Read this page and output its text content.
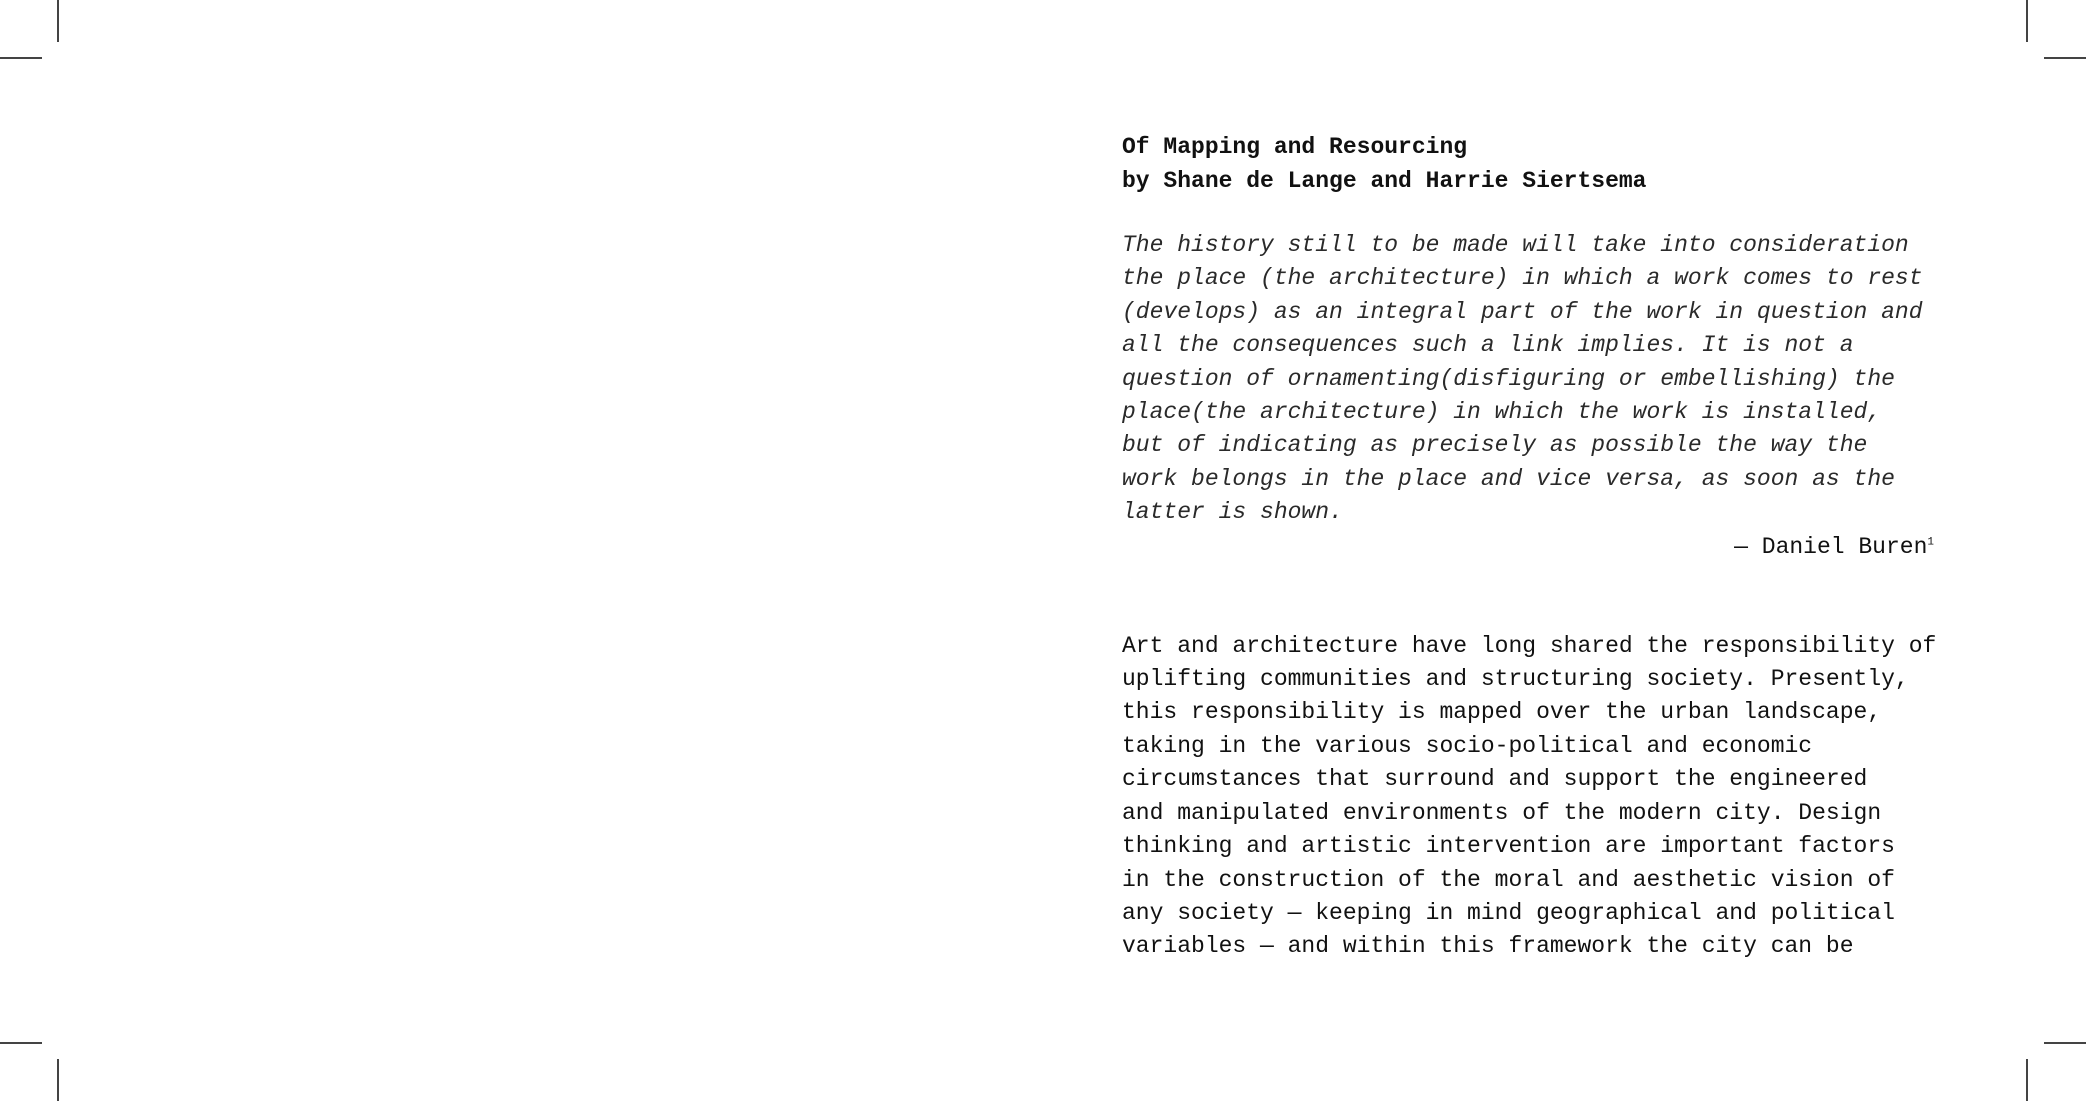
Of Mapping and Resourcing
by Shane de Lange and Harrie Siertsema
The history still to be made will take into consideration
the place (the architecture) in which a work comes to rest
(develops) as an integral part of the work in question and
all the consequences such a link implies. It is not a
question of ornamenting(disfiguring or embellishing) the
place(the architecture) in which the work is installed,
but of indicating as precisely as possible the way the
work belongs in the place and vice versa, as soon as the
latter is shown.
— Daniel Buren$^1$
Art and architecture have long shared the responsibility of
uplifting communities and structuring society. Presently,
this responsibility is mapped over the urban landscape,
taking in the various socio-political and economic
circumstances that surround and support the engineered
and manipulated environments of the modern city. Design
thinking and artistic intervention are important factors
in the construction of the moral and aesthetic vision of
any society — keeping in mind geographical and political
variables — and within this framework the city can be
